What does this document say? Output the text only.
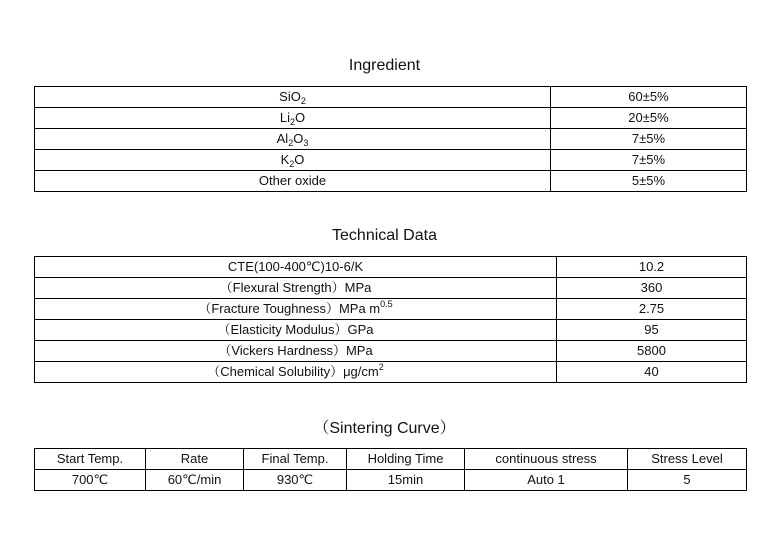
Ingredient
SiO$_2$	60±5%
$Li_2O$	20±5%
$Al_2O_3$	7±5%
$K_2O$	7±5%
Other oxide	5±5%
Technical Data
CTE(100-400℃)10-6/K	10.2
（Flexural Strength）MPa	360
（Fracture Toughness）MPa $m^{0.5}$	2.75
（Elasticity Modulus）GPa	95
（Vickers Hardness）MPa	5800
（Chemical $Solubility)\mu g/cm^2$	40
（Sintering Curve）
Start Temp.	Rate	Final Temp.	Holding Time	continuous stress	Stress Level
700℃	60℃/min	930℃	15min	Auto 1	5
